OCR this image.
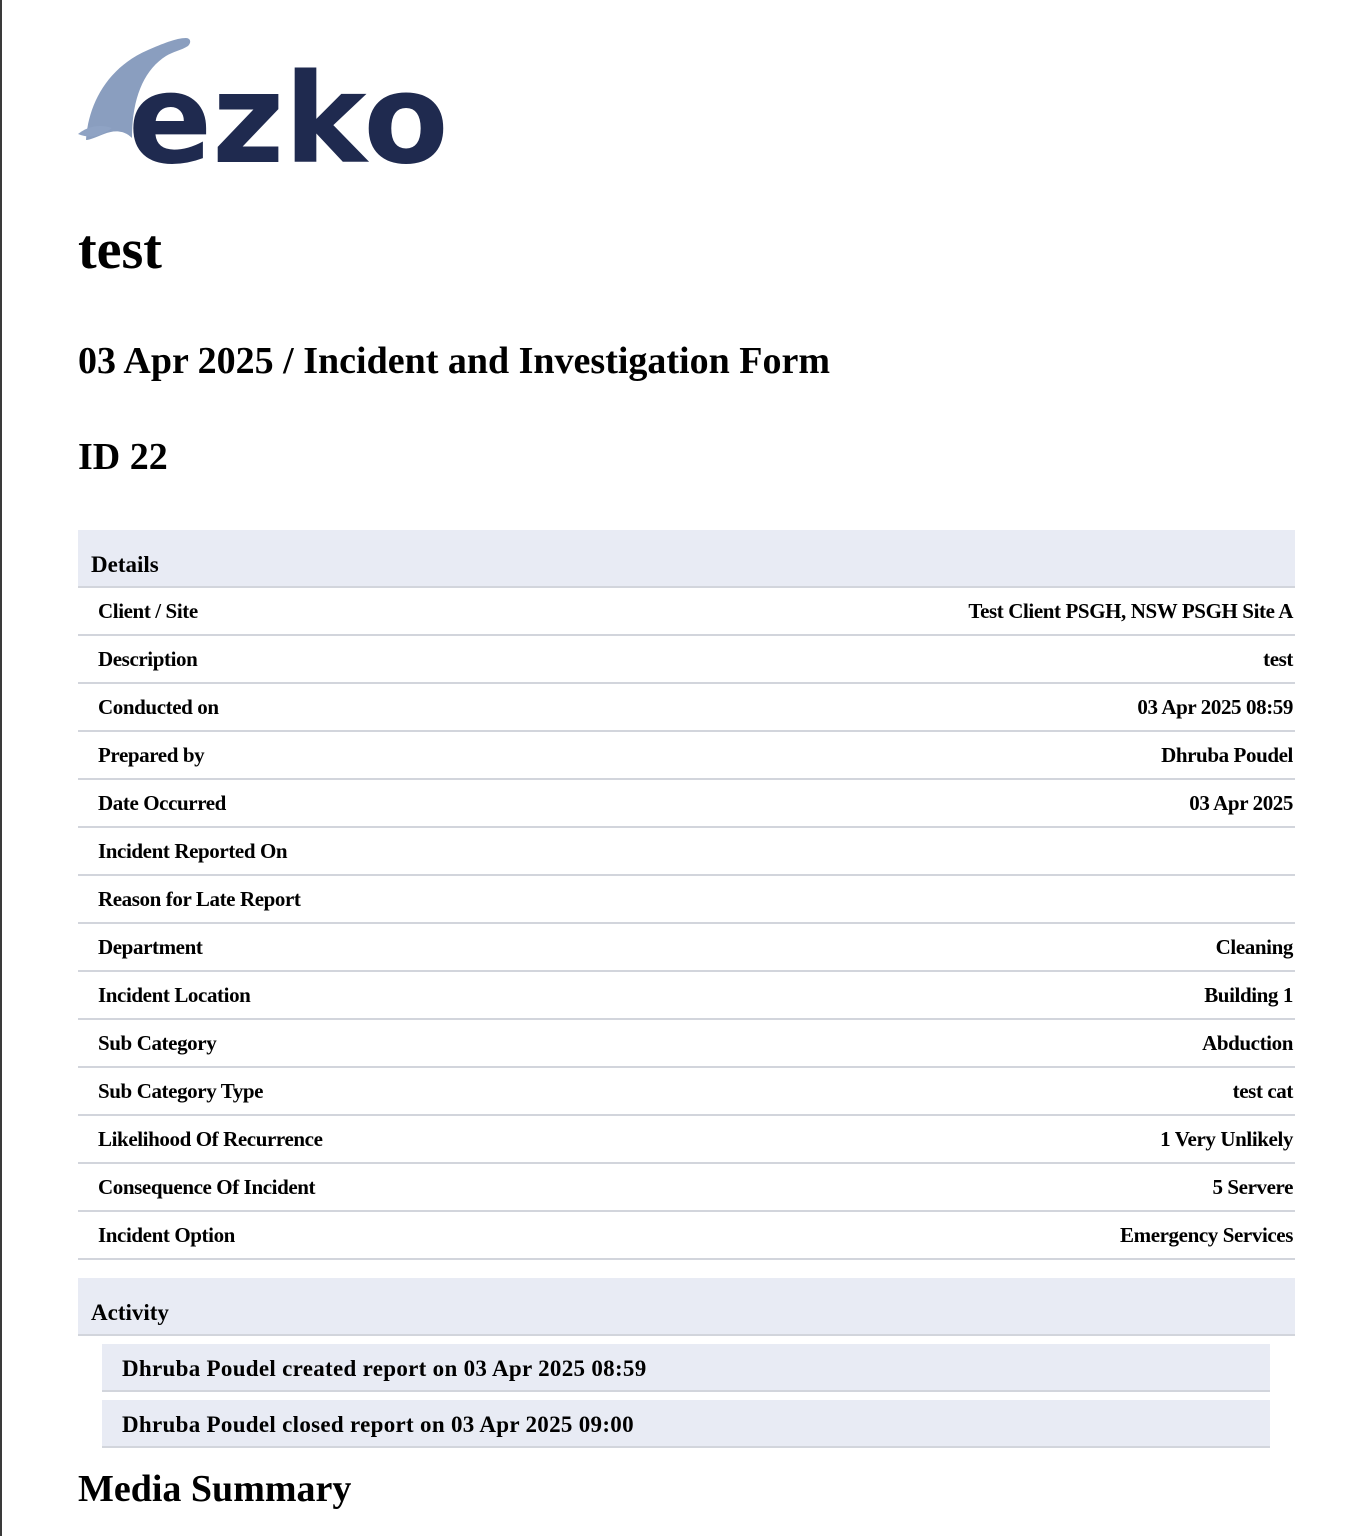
ezko
test
03 Apr 2025 / Incident and Investigation Form
ID 22
Details
Client / Site	Test Client PSGH, NSW PSGH Site A
Description	test
Conducted on	03 Apr 2025 08:59
Prepared by	Dhruba Poudel
Date Occurred	03 Apr 2025
Incident Reported On
Reason for Late Report
Department	Cleaning
Incident Location	Building 1
Sub Category	Abduction
Sub Category Type	test cat
Likelihood Of Recurrence	1 Very Unlikely
Consequence Of Incident	5 Servere
Incident Option	Emergency Services
Activity
Dhruba Poudel created report on 03 Apr 2025 08:59
Dhruba Poudel closed report on 03 Apr 2025 09:00
Media Summary
